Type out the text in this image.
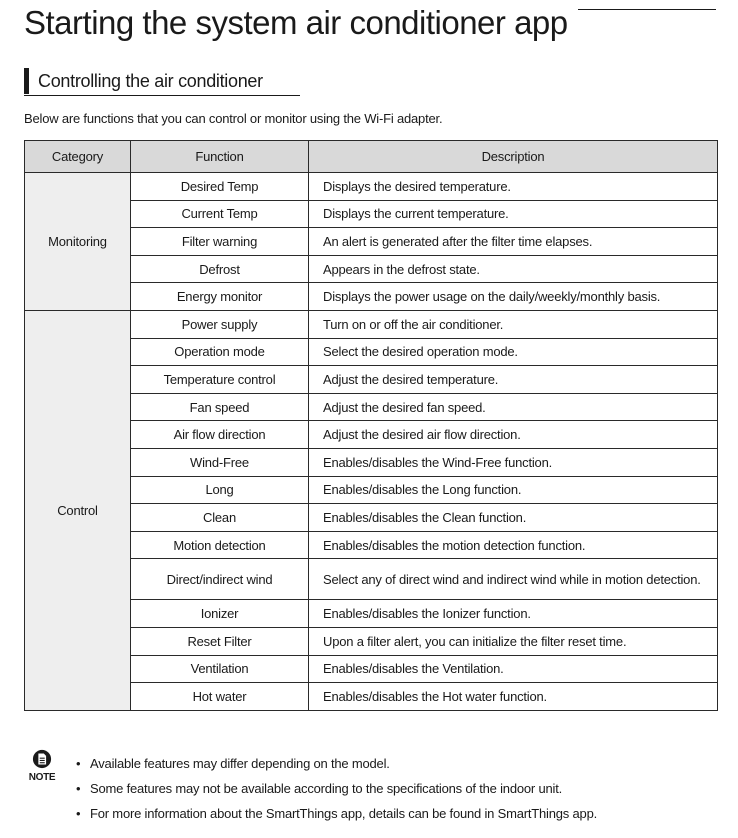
Starting the system air conditioner app
Controlling the air conditioner
Below are functions that you can control or monitor using the Wi-Fi adapter.
Category	Function	Description
Monitoring	Desired Temp	Displays the desired temperature.
	Current Temp	Displays the current temperature.
	Filter warning	An alert is generated after the filter time elapses.
	Defrost	Appears in the defrost state.
	Energy monitor	Displays the power usage on the daily/weekly/monthly basis.
Control	Power supply	Turn on or off the air conditioner.
	Operation mode	Select the desired operation mode.
	Temperature control	Adjust the desired temperature.
	Fan speed	Adjust the desired fan speed.
	Air flow direction	Adjust the desired air flow direction.
	Wind-Free	Enables/disables the Wind-Free function.
	Long	Enables/disables the Long function.
	Clean	Enables/disables the Clean function.
	Motion detection	Enables/disables the motion detection function.
	Direct/indirect wind	Select any of direct wind and indirect wind while in motion detection.
	Ionizer	Enables/disables the Ionizer function.
	Reset Filter	Upon a filter alert, you can initialize the filter reset time.
	Ventilation	Enables/disables the Ventilation.
	Hot water	Enables/disables the Hot water function.
NOTE
• Available features may differ depending on the model.
• Some features may not be available according to the specifications of the indoor unit.
• For more information about the SmartThings app, details can be found in SmartThings app.
